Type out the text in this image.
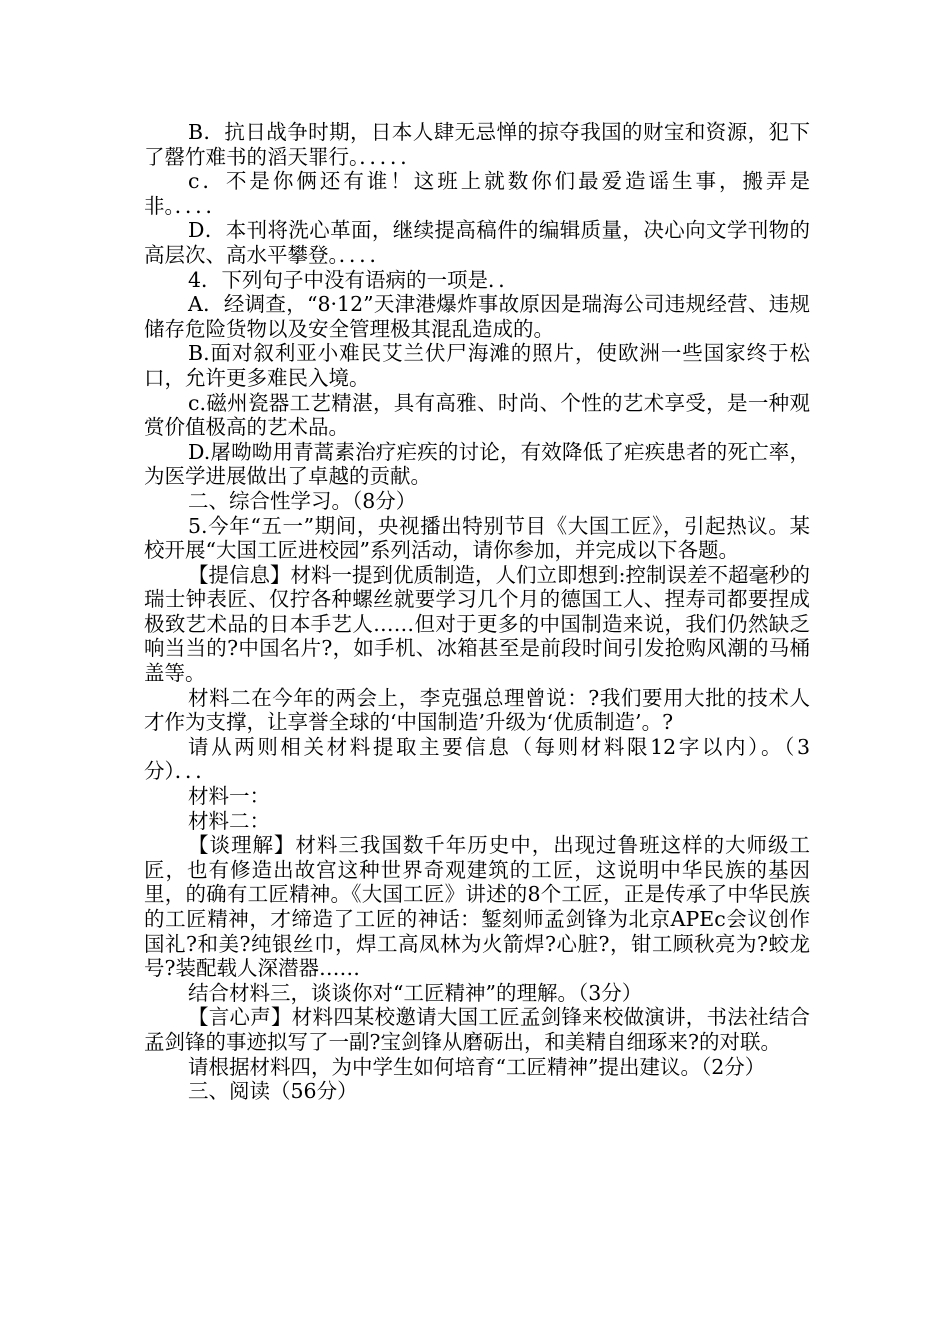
B．抗日战争时期，日本人肆无忌惮的掠夺我国的财宝和资源，犯下了罄竹难书的滔天罪行。．．．．．

c．不是你俩还有谁！这班上就数你们最爱造谣生事，搬弄是非。．．．．

D．本刊将洗心革面，继续提高稿件的编辑质量，决心向文学刊物的高层次、高水平攀登。．．．．

4．下列句子中没有语病的一项是．．

A．经调查，“8·12”天津港爆炸事故原因是瑞海公司违规经营、违规储存危险货物以及安全管理极其混乱造成的。

B.面对叙利亚小难民艾兰伏尸海滩的照片，使欧洲一些国家终于松口，允许更多难民入境。

c.磁州瓷器工艺精湛，具有高雅、时尚、个性的艺术享受，是一种观赏价值极高的艺术品。

D.屠呦呦用青蒿素治疗疟疾的讨论，有效降低了疟疾患者的死亡率，为医学进展做出了卓越的贡献。

二、综合性学习。（8分）

5.今年“五一”期间，央视播出特别节目《大国工匠》，引起热议。某校开展“大国工匠进校园”系列活动，请你参加，并完成以下各题。

【提信息】材料一提到优质制造，人们立即想到:控制误差不超毫秒的瑞士钟表匠、仅拧各种螺丝就要学习几个月的德国工人、捏寿司都要捏成极致艺术品的日本手艺人……但对于更多的中国制造来说，我们仍然缺乏响当当的?中国名片?，如手机、冰箱甚至是前段时间引发抢购风潮的马桶盖等。

材料二在今年的两会上，李克强总理曾说：?我们要用大批的技术人才作为支撑，让享誉全球的‘中国制造’升级为‘优质制造’。?

请从两则相关材料提取主要信息（每则材料限12字以内）。（3分）．．．

材料一：

材料二：

【谈理解】材料三我国数千年历史中，出现过鲁班这样的大师级工匠，也有修造出故宫这种世界奇观建筑的工匠，这说明中华民族的基因里，的确有工匠精神。《大国工匠》讲述的8个工匠，正是传承了中华民族的工匠精神，才缔造了工匠的神话：錾刻师孟剑锋为北京APEc会议创作国礼?和美?纯银丝巾，焊工高凤林为火箭焊?心脏?，钳工顾秋亮为?蛟龙号?装配载人深潜器……

结合材料三，谈谈你对“工匠精神”的理解。（3分）

【言心声】材料四某校邀请大国工匠孟剑锋来校做演讲，书法社结合孟剑锋的事迹拟写了一副?宝剑锋从磨砺出，和美精自细琢来?的对联。

请根据材料四，为中学生如何培育“工匠精神”提出建议。（2分）

三、阅读（56分）
